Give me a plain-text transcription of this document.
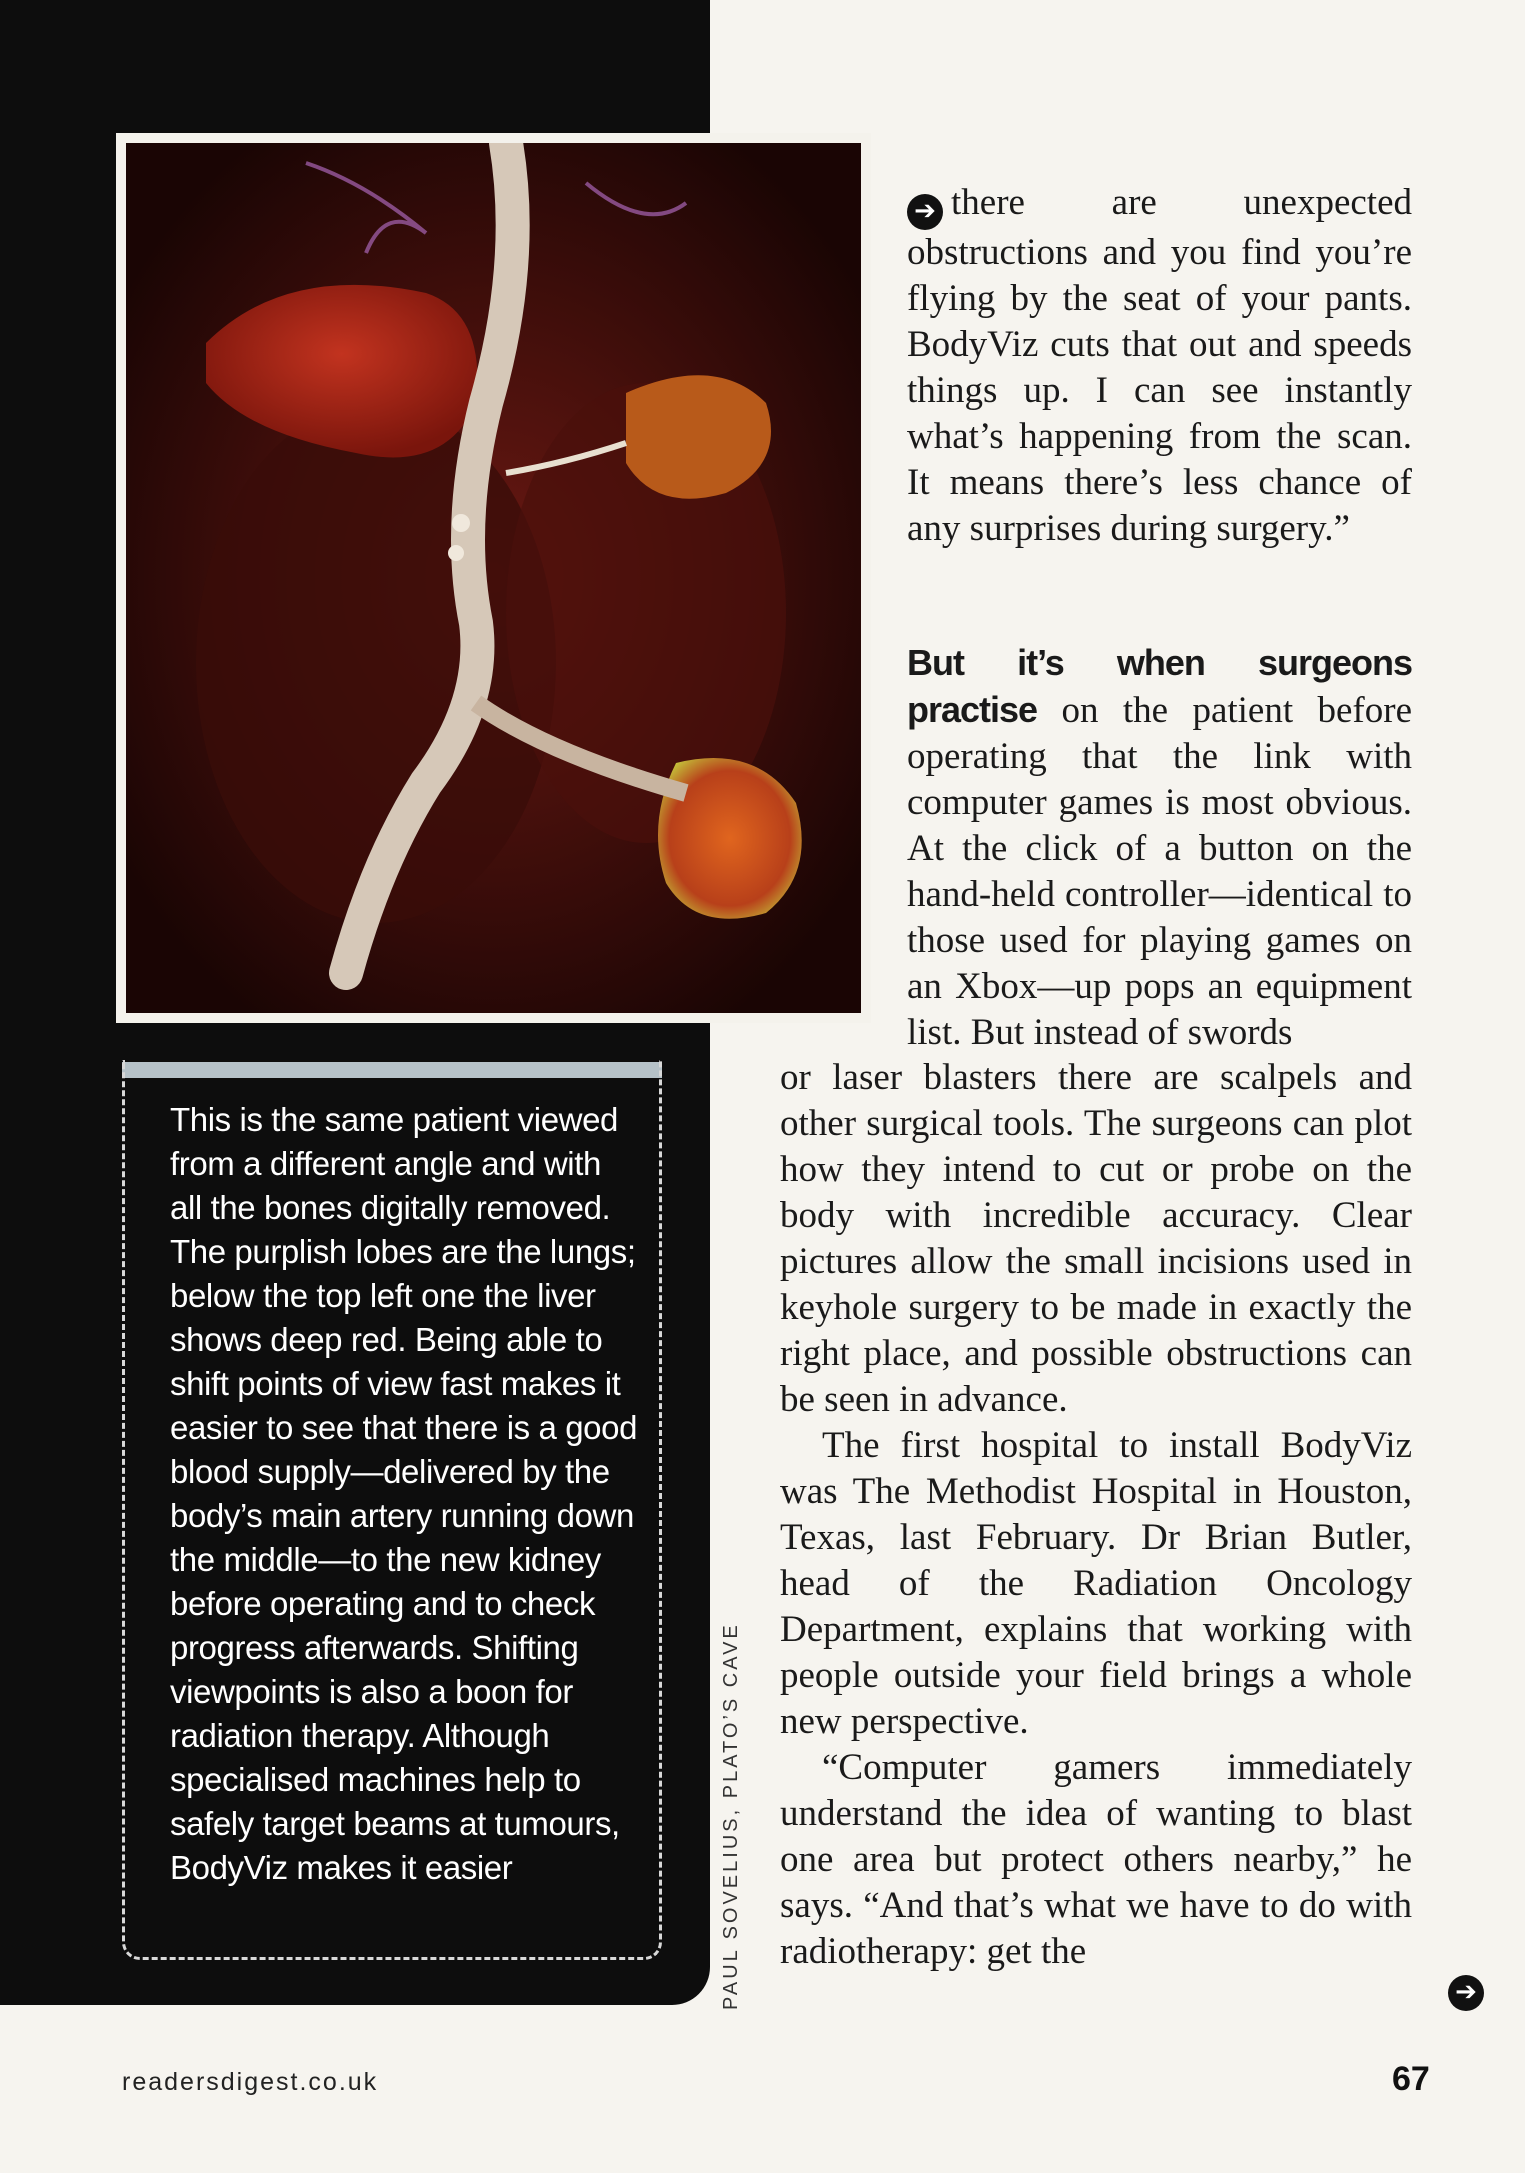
This is the same patient viewed from a different angle and with all the bones digitally removed. The purplish lobes are the lungs; below the top left one the liver shows deep red. Being able to shift points of view fast makes it easier to see that there is a good blood supply—delivered by the body’s main artery running down the middle—to the new kidney before operating and to check progress afterwards. Shifting viewpoints is also a boon for radiation therapy. Although specialised machines help to safely target beams at tumours, BodyViz makes it easier	PAUL SOVELIUS, PLATO’S CAVE

➔ there are unexpected obstructions and you find you’re flying by the seat of your pants. BodyViz cuts that out and speeds things up. I can see instantly what’s happening from the scan. It means there’s less chance of any surprises during surgery.”

But it’s when surgeons practise on the patient before operating that the link with computer games is most obvious. At the click of a button on the hand-held controller—identical to those used for playing games on an Xbox—up pops an equipment list. But instead of swords

or laser blasters there are scalpels and other surgical tools. The surgeons can plot how they intend to cut or probe on the body with incredible accuracy. Clear pictures allow the small incisions used in keyhole surgery to be made in exactly the right place, and possible obstructions can be seen in advance.

The first hospital to install BodyViz was The Methodist Hospital in Houston, Texas, last February. Dr Brian Butler, head of the Radiation Oncology Department, explains that working with people outside your field brings a whole new perspective.

“Computer gamers immediately understand the idea of wanting to blast one area but protect others nearby,” he says. “And that’s what we have to do with radiotherapy: get the

➔
readersdigest.co.uk	67
